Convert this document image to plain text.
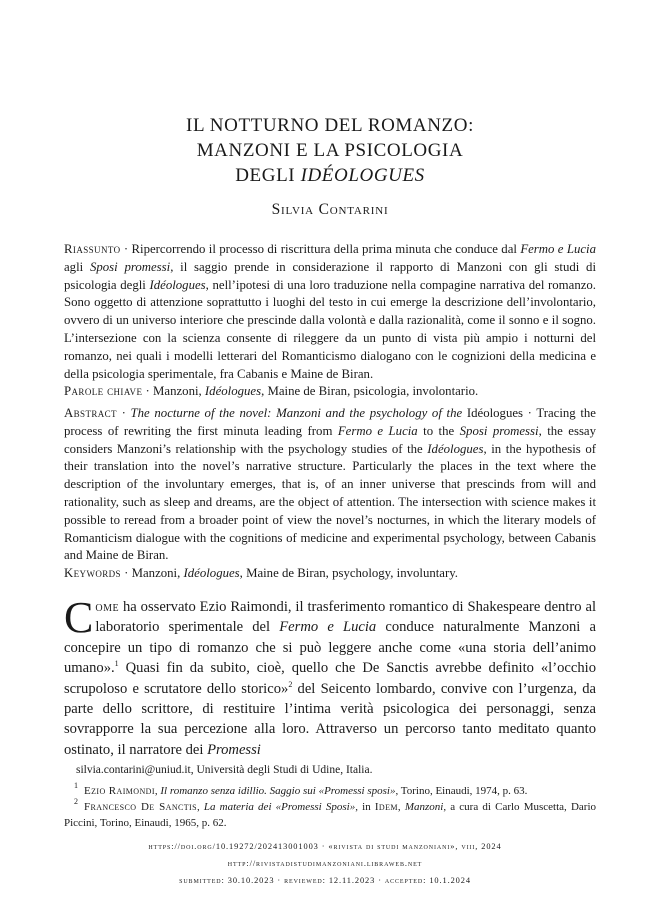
IL NOTTURNO DEL ROMANZO:
MANZONI E LA PSICOLOGIA
DEGLI IDÉOLOGUES
Silvia Contarini

Riassunto · Ripercorrendo il processo di riscrittura della prima minuta che conduce dal Fermo e Lucia agli Sposi promessi, il saggio prende in considerazione il rapporto di Manzoni con gli studi di psicologia degli Idéologues, nell’ipotesi di una loro traduzione nella compagine narrativa del romanzo. Sono oggetto di attenzione soprattutto i luoghi del testo in cui emerge la descrizione dell’involontario, ovvero di un universo interiore che prescinde dalla volontà e dalla razionalità, come il sonno e il sogno. L’intersezione con la scienza consente di rileggere da un punto di vista più ampio i notturni del romanzo, nei quali i modelli letterari del Romanticismo dialogano con le cognizioni della medicina e della psicologia sperimentale, fra Cabanis e Maine de Biran.

Parole chiave · Manzoni, Idéologues, Maine de Biran, psicologia, involontario.

Abstract · The nocturne of the novel: Manzoni and the psychology of the Idéologues · Tracing the process of rewriting the first minuta leading from Fermo e Lucia to the Sposi promessi, the essay considers Manzoni’s relationship with the psychology studies of the Idéologues, in the hypothesis of their translation into the novel’s narrative structure. Particularly the places in the text where the description of the involuntary emerges, that is, of an inner universe that prescinds from will and rationality, such as sleep and dreams, are the object of attention. The intersection with science makes it possible to reread from a broader point of view the novel’s nocturnes, in which the literary models of Romanticism dialogue with the cognitions of medicine and experimental psychology, between Cabanis and Maine de Biran.

Keywords · Manzoni, Idéologues, Maine de Biran, psychology, involuntary.

Come ha osservato Ezio Raimondi, il trasferimento romantico di Shakespeare dentro al laboratorio sperimentale del Fermo e Lucia conduce naturalmente Manzoni a concepire un tipo di romanzo che si può leggere anche come «una storia dell’animo umano».$^1$ Quasi fin da subito, cioè, quello che De Sanctis avrebbe definito «l’occhio scrupoloso e scrutatore dello storico»$^2$ del Seicento lombardo, convive con l’urgenza, da parte dello scrittore, di restituire l’intima verità psicologica dei personaggi, senza sovrapporre la sua percezione alla loro. Attraverso un percorso tanto meditato quanto ostinato, il narratore dei Promessi

silvia.contarini@uniud.it, Università degli Studi di Udine, Italia.

$^1$ Ezio Raimondi, Il romanzo senza idillio. Saggio sui «Promessi sposi», Torino, Einaudi, 1974, p. 63.

$^2$ Francesco De Sanctis, La materia dei «Promessi Sposi», in Idem, Manzoni, a cura di Carlo Muscetta, Dario Piccini, Torino, Einaudi, 1965, p. 62.

https://doi.org/10.19272/202413001003 · «rivista di studi manzoniani», viii, 2024
http://rivistadistudimanzoniani.libraweb.net
submitted: 30.10.2023 · reviewed: 12.11.2023 · accepted: 10.1.2024
